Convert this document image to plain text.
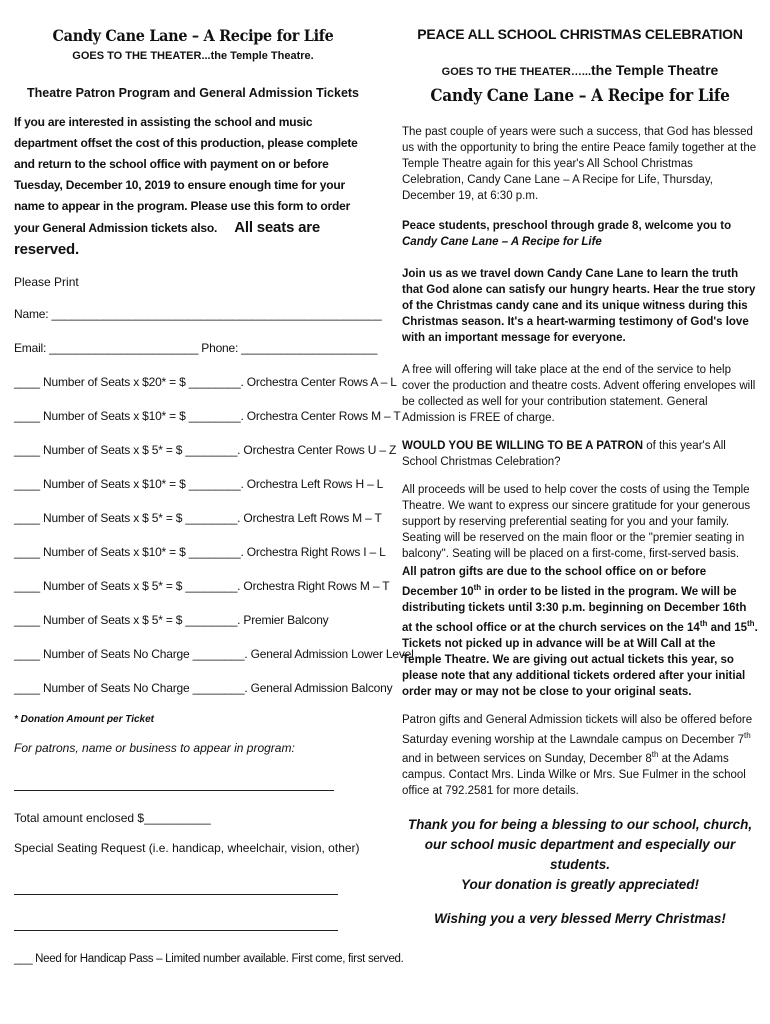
Candy Cane Lane – A Recipe for Life
GOES TO THE THEATER...the Temple Theatre.
Theatre Patron Program and General Admission Tickets
If you are interested in assisting the school and music department offset the cost of this production, please complete and return to the school office with payment on or before Tuesday, December 10, 2019 to ensure enough time for your name to appear in the program. Please use this form to order your General Admission tickets also. All seats are reserved.
Please Print
Name: ___________________________________________________
Email: _______________________ Phone: _____________________
____ Number of Seats x $20* = $ ________. Orchestra Center Rows A – L
____ Number of Seats x $10* = $ ________. Orchestra Center Rows M – T
____ Number of Seats x $ 5* = $ ________. Orchestra Center Rows U – Z
____ Number of Seats x $10* = $ ________. Orchestra Left Rows H – L
____ Number of Seats x $ 5* = $ ________. Orchestra Left Rows M – T
____ Number of Seats x $10* = $ ________. Orchestra Right Rows I – L
____ Number of Seats x $ 5* = $ ________. Orchestra Right Rows M – T
____ Number of Seats x $ 5* = $ ________. Premier Balcony
____ Number of Seats No Charge ________. General Admission Lower Level
____ Number of Seats No Charge ________. General Admission Balcony
* Donation Amount per Ticket
For patrons, name or business to appear in program:
Total amount enclosed $__________
Special Seating Request (i.e. handicap, wheelchair, vision, other)
___ Need for Handicap Pass – Limited number available. First come, first served.
PEACE ALL SCHOOL CHRISTMAS CELEBRATION
GOES TO THE THEATER…...the Temple Theatre
Candy Cane Lane – A Recipe for Life
The past couple of years were such a success, that God has blessed us with the opportunity to bring the entire Peace family together at the Temple Theatre again for this year's All School Christmas Celebration, Candy Cane Lane – A Recipe for Life, Thursday, December 19, at 6:30 p.m.
Peace students, preschool through grade 8, welcome you to Candy Cane Lane – A Recipe for Life
Join us as we travel down Candy Cane Lane to learn the truth that God alone can satisfy our hungry hearts. Hear the true story of the Christmas candy cane and its unique witness during this Christmas season. It's a heart-warming testimony of God's love with an important message for everyone.
A free will offering will take place at the end of the service to help cover the production and theatre costs. Advent offering envelopes will be collected as well for your contribution statement. General Admission is FREE of charge.
WOULD YOU BE WILLING TO BE A PATRON of this year's All School Christmas Celebration?
All proceeds will be used to help cover the costs of using the Temple Theatre. We want to express our sincere gratitude for your generous support by reserving preferential seating for you and your family. Seating will be reserved on the main floor or the "premier seating in balcony". Seating will be placed on a first-come, first-served basis.
All patron gifts are due to the school office on or before December 10th in order to be listed in the program. We will be distributing tickets until 3:30 p.m. beginning on December 16th at the school office or at the church services on the 14th and 15th. Tickets not picked up in advance will be at Will Call at the Temple Theatre. We are giving out actual tickets this year, so please note that any additional tickets ordered after your initial order may or may not be close to your original seats.
Patron gifts and General Admission tickets will also be offered before Saturday evening worship at the Lawndale campus on December 7th and in between services on Sunday, December 8th at the Adams campus. Contact Mrs. Linda Wilke or Mrs. Sue Fulmer in the school office at 792.2581 for more details.
Thank you for being a blessing to our school, church, our school music department and especially our students.
Your donation is greatly appreciated!
Wishing you a very blessed Merry Christmas!
